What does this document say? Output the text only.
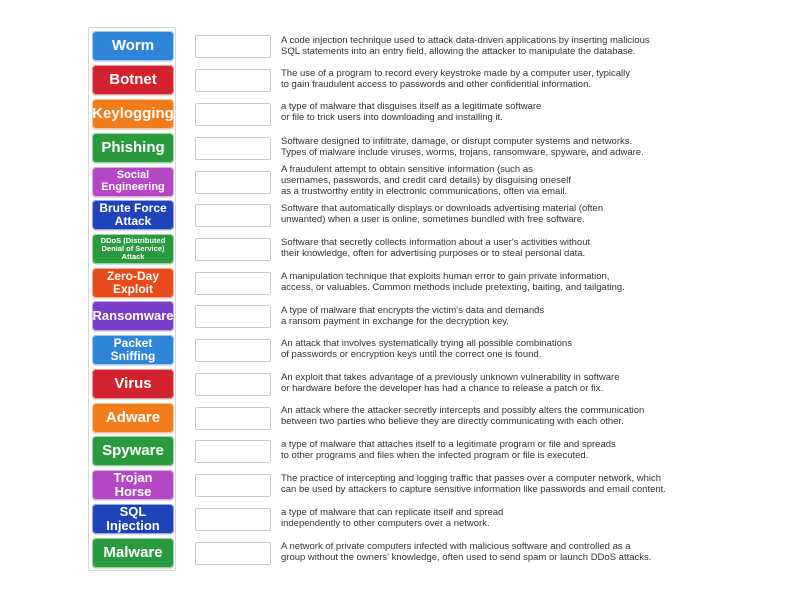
Worm
Botnet
Keylogging
Phishing
Social Engineering
Brute Force Attack
DDoS (Distributed Denial of Service) Attack
Zero-Day Exploit
Ransomware
Packet Sniffing
Virus
Adware
Spyware
Trojan Horse
SQL Injection
Malware
A code injection technique used to attack data-driven applications by inserting malicious
SQL statements into an entry field, allowing the attacker to manipulate the database.
The use of a program to record every keystroke made by a computer user, typically
to gain fraudulent access to passwords and other confidential information.
a type of malware that disguises itself as a legitimate software
or file to trick users into downloading and installing it.
Software designed to infiltrate, damage, or disrupt computer systems and networks.
Types of malware include viruses, worms, trojans, ransomware, spyware, and adware.
A fraudulent attempt to obtain sensitive information (such as
usernames, passwords, and credit card details) by disguising oneself
as a trustworthy entity in electronic communications, often via email.
Software that automatically displays or downloads advertising material (often
unwanted) when a user is online, sometimes bundled with free software.
Software that secretly collects information about a user's activities without
their knowledge, often for advertising purposes or to steal personal data.
A manipulation technique that exploits human error to gain private information,
access, or valuables. Common methods include pretexting, baiting, and tailgating.
A type of malware that encrypts the victim's data and demands
a ransom payment in exchange for the decryption key.
An attack that involves systematically trying all possible combinations
of passwords or encryption keys until the correct one is found.
An exploit that takes advantage of a previously unknown vulnerability in software
or hardware before the developer has had a chance to release a patch or fix.
An attack where the attacker secretly intercepts and possibly alters the communication
between two parties who believe they are directly communicating with each other.
a type of malware that attaches itself to a legitimate program or file and spreads
to other programs and files when the infected program or file is executed.
The practice of intercepting and logging traffic that passes over a computer network, which
can be used by attackers to capture sensitive information like passwords and email content.
a type of malware that can replicate itself and spread
independently to other computers over a network.
A network of private computers infected with malicious software and controlled as a
group without the owners' knowledge, often used to send spam or launch DDoS attacks.
